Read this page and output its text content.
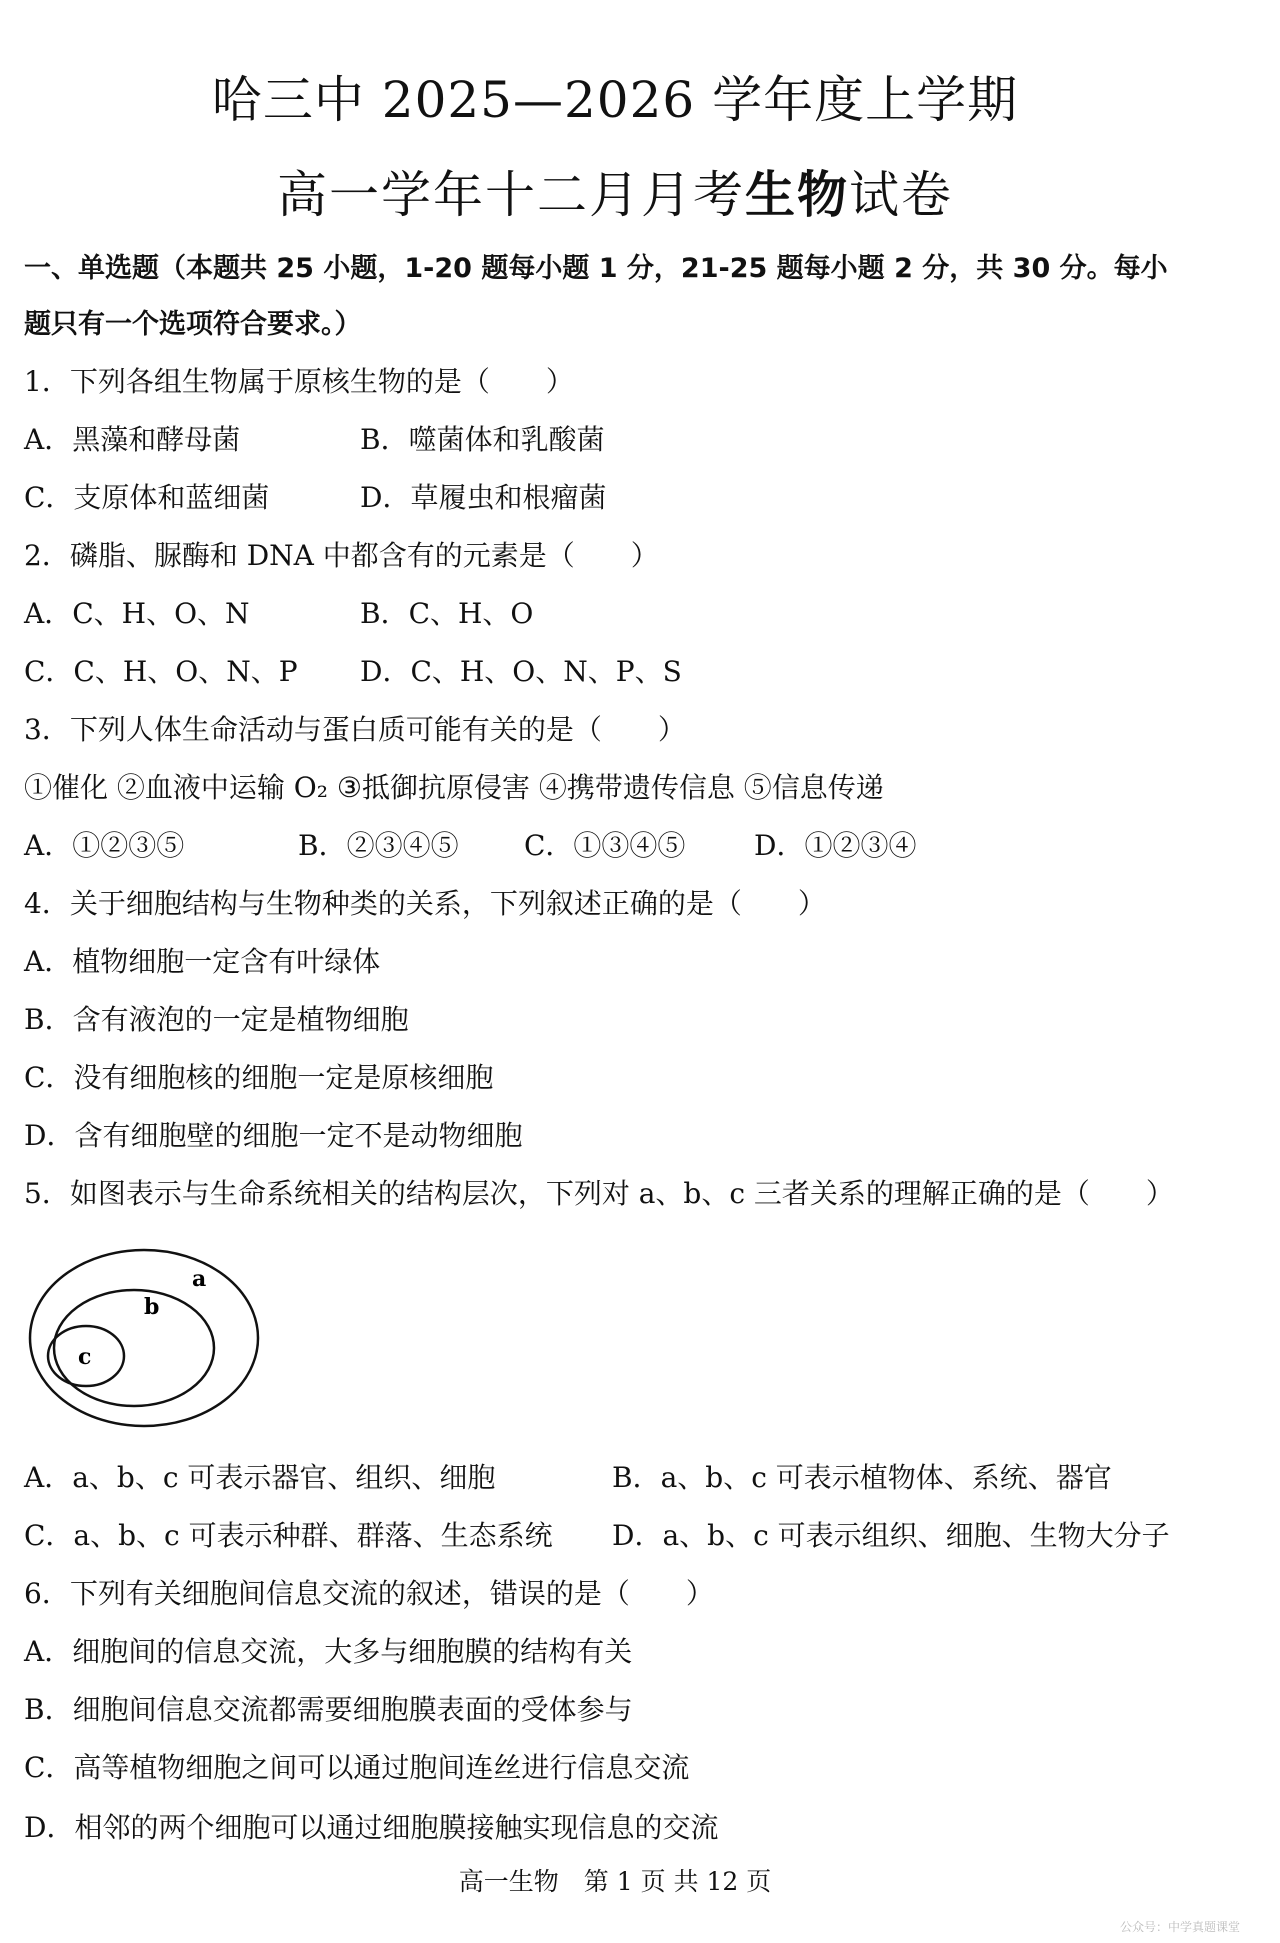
哈三中 2025—2026 学年度上学期
高一学年十二月月考生物试卷
一、单选题（本题共 25 小题，1-20 题每小题 1 分，21-25 题每小题 2 分，共 30 分。每小
题只有一个选项符合要求。）
1．下列各组生物属于原核生物的是（　　）
A．黑藻和酵母菌	B．噬菌体和乳酸菌
C．支原体和蓝细菌	D．草履虫和根瘤菌
2．磷脂、脲酶和 DNA 中都含有的元素是（　　）
A．C、H、O、N	B．C、H、O
C．C、H、O、N、P D．C、H、O、N、P、S
3．下列人体生命活动与蛋白质可能有关的是（　　）
①催化 ②血液中运输 O₂ ③抵御抗原侵害 ④携带遗传信息 ⑤信息传递
A．①②③⑤	B．②③④⑤ C．①③④⑤ D．①②③④
4．关于细胞结构与生物种类的关系，下列叙述正确的是（　　）
A．植物细胞一定含有叶绿体
B．含有液泡的一定是植物细胞
C．没有细胞核的细胞一定是原核细胞
D．含有细胞壁的细胞一定不是动物细胞
5．如图表示与生命系统相关的结构层次，下列对 a、b、c 三者关系的理解正确的是（　　）
a
b
c
A．a、b、c 可表示器官、组织、细胞	B．a、b、c 可表示植物体、系统、器官
C．a、b、c 可表示种群、群落、生态系统 D．a、b、c 可表示组织、细胞、生物大分子
6．下列有关细胞间信息交流的叙述，错误的是（　　）
A．细胞间的信息交流，大多与细胞膜的结构有关
B．细胞间信息交流都需要细胞膜表面的受体参与
C．高等植物细胞之间可以通过胞间连丝进行信息交流
D．相邻的两个细胞可以通过细胞膜接触实现信息的交流
高一生物　第 1 页 共 12 页
公众号：中学真题课堂
